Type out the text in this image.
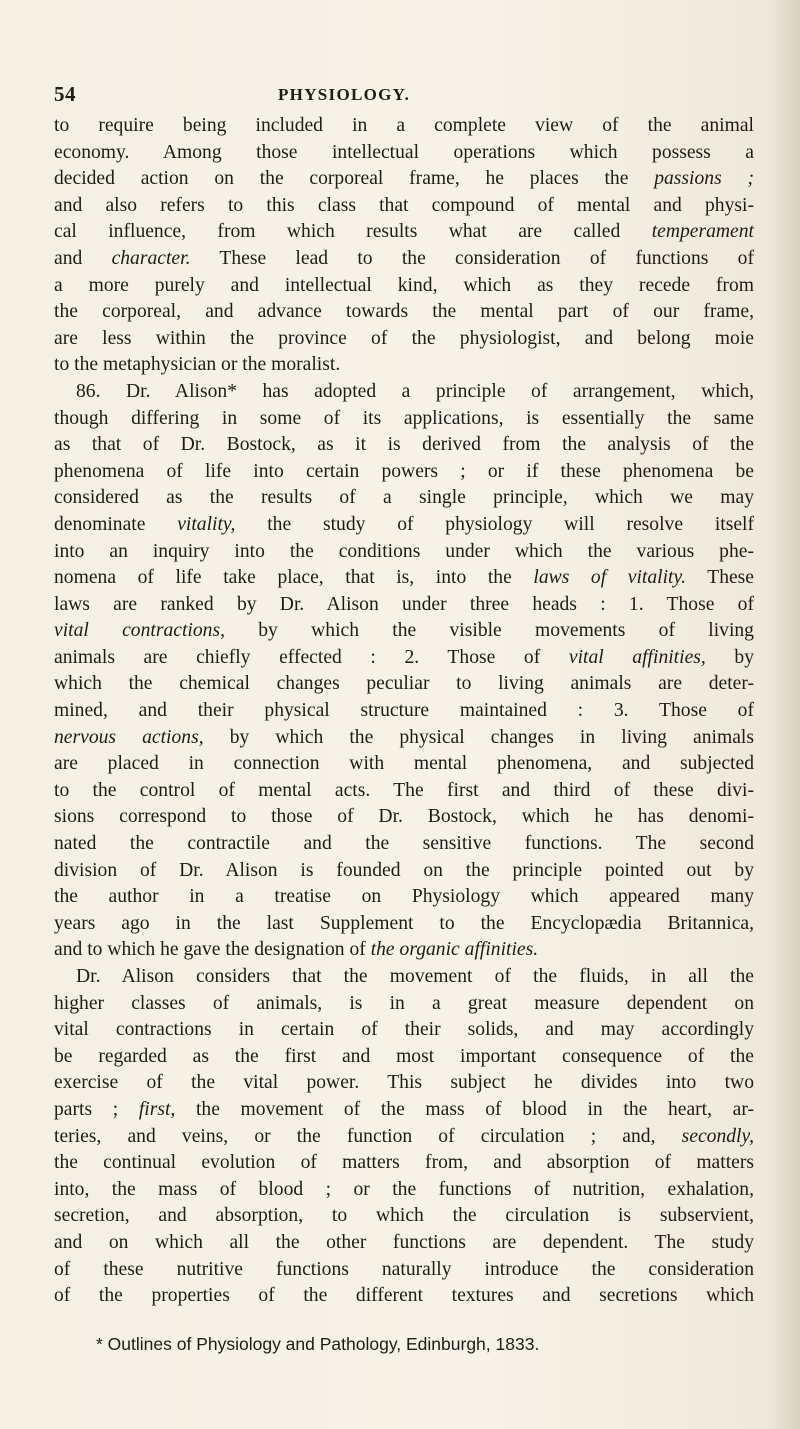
54	PHYSIOLOGY.
to require being included in a complete view of the animal
economy. Among those intellectual operations which possess a
decided action on the corporeal frame, he places the passions ;
and also refers to this class that compound of mental and physi-
cal influence, from which results what are called temperament
and character. These lead to the consideration of functions of
a more purely and intellectual kind, which as they recede from
the corporeal, and advance towards the mental part of our frame,
are less within the province of the physiologist, and belong moie
to the metaphysician or the moralist.
86. Dr. Alison* has adopted a principle of arrangement, which,
though differing in some of its applications, is essentially the same
as that of Dr. Bostock, as it is derived from the analysis of the
phenomena of life into certain powers ; or if these phenomena be
considered as the results of a single principle, which we may
denominate vitality, the study of physiology will resolve itself
into an inquiry into the conditions under which the various phe-
nomena of life take place, that is, into the laws of vitality. These
laws are ranked by Dr. Alison under three heads : 1. Those of
vital contractions, by which the visible movements of living
animals are chiefly effected : 2. Those of vital affinities, by
which the chemical changes peculiar to living animals are deter-
mined, and their physical structure maintained : 3. Those of
nervous actions, by which the physical changes in living animals
are placed in connection with mental phenomena, and subjected
to the control of mental acts. The first and third of these divi-
sions correspond to those of Dr. Bostock, which he has denomi-
nated the contractile and the sensitive functions. The second
division of Dr. Alison is founded on the principle pointed out by
the author in a treatise on Physiology which appeared many
years ago in the last Supplement to the Encyclopædia Britannica,
and to which he gave the designation of the organic affinities.
Dr. Alison considers that the movement of the fluids, in all the
higher classes of animals, is in a great measure dependent on
vital contractions in certain of their solids, and may accordingly
be regarded as the first and most important consequence of the
exercise of the vital power. This subject he divides into two
parts ; first, the movement of the mass of blood in the heart, ar-
teries, and veins, or the function of circulation ; and, secondly,
the continual evolution of matters from, and absorption of matters
into, the mass of blood ; or the functions of nutrition, exhalation,
secretion, and absorption, to which the circulation is subservient,
and on which all the other functions are dependent. The study
of these nutritive functions naturally introduce the consideration
of the properties of the different textures and secretions which
* Outlines of Physiology and Pathology, Edinburgh, 1833.
